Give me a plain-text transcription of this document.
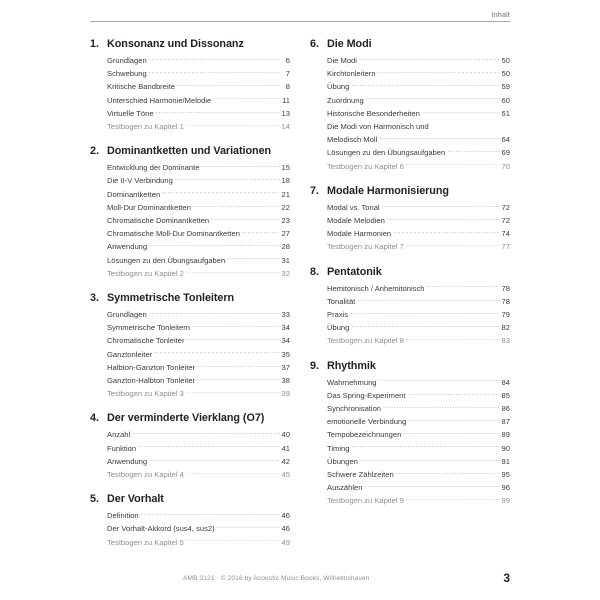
Inhalt
1. Konsonanz und Dissonanz
Grundlagen .....	6
Schwebung .....	7
Kritische Bandbreite .....	8
Unterschied Harmonie/Melodie .....	11
Virtuelle Töne .....	13
Testbogen zu Kapitel 1 .....	14
2. Dominantketten und Variationen
Entwicklung der Dominante .....	15
Die II-V Verbindung .....	18
Dominantketten .....	21
Moll-Dur Dominantketten .....	22
Chromatische Dominantketten .....	23
Chromatische Moll-Dur Dominantketten .....	27
Anwendung .....	28
Lösungen zu den Übungsaufgaben .....	31
Testbogen zu Kapitel 2 .....	32
3. Symmetrische Tonleitern
Grundlagen .....	33
Symmetrische Tonleitern .....	34
Chromatische Tonleiter .....	34
Ganztonleiter .....	35
Halbton-Ganzton Tonleiter .....	37
Ganzton-Halbton Tonleiter .....	38
Testbogen zu Kapitel 3 .....	39
4. Der verminderte Vierklang (O7)
Anzahl .....	40
Funktion .....	41
Anwendung .....	42
Testbogen zu Kapitel 4 .....	45
5. Der Vorhalt
Definition .....	46
Der Vorhalt-Akkord (sus4, sus2) .....	46
Testbogen zu Kapitel 5 .....	49
6. Die Modi
Die Modi .....	50
Kirchtonleitern .....	50
Übung .....	59
Zuordnung .....	60
Historische Besonderheiten .....	61
Die Modi von Harmonisch und
Melodisch Moll .....	64
Lösungen zu den Übungsaufgaben .....	69
Testbogen zu Kapitel 6 .....	70
7. Modale Harmonisierung
Modal vs. Tonal .....	72
Modale Melodien .....	72
Modale Harmonien .....	74
Testbogen zu Kapitel 7 .....	77
8. Pentatonik
Hemitonisch / Anhemitonisch .....	78
Tonalität .....	78
Praxis .....	79
Übung .....	82
Testbogen zu Kapitel 8 .....	83
9. Rhythmik
Wahrnehmung .....	84
Das Spring-Experiment .....	85
Synchronisation .....	86
emotionelle Verbindung .....	87
Tempobezeichnungen .....	89
Timing .....	90
Übungen .....	91
Schwere Zählzeiten .....	95
Auszählen .....	96
Testbogen zu Kapitel 9 .....	99
AMB 3121 · © 2016 by Acoustic Music Books, Wilhelmshaven	3
